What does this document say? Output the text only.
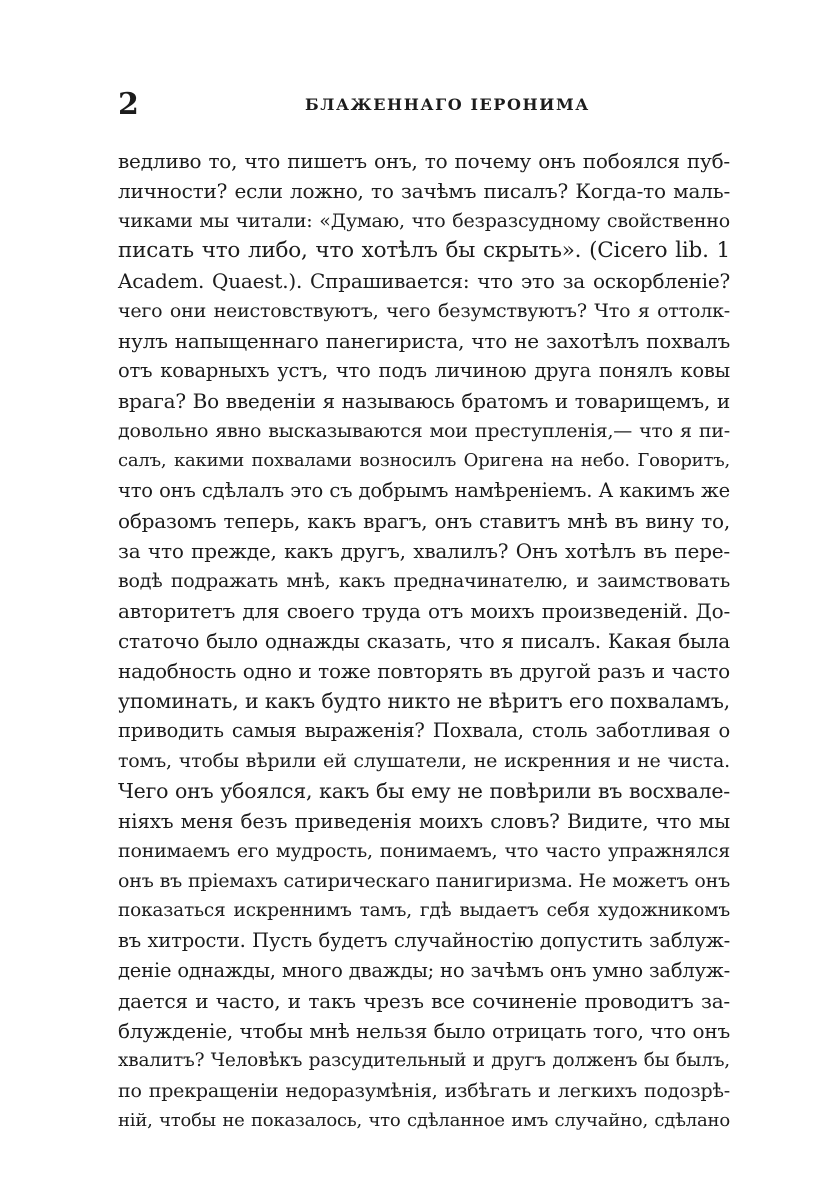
2	БЛАЖЕННАГО ІЕРОНИМА
ведливо то, что пишетъ онъ, то почему онъ побоялся пуб-
личности? если ложно, то зачѣмъ писалъ? Когда-то маль-
чиками мы читали: «Думаю, что безразсудному свойственно
писать что либо, что хотѣлъ бы скрыть». (Cicero lib. 1
Academ. Quaest.). Спрашивается: что это за оскорбленіе?
чего они неистовствуютъ, чего безумствуютъ? Что я оттолк-
нулъ напыщеннаго панегириста, что не захотѣлъ похвалъ
отъ коварныхъ устъ, что подъ личиною друга понялъ ковы
врага? Во введеніи я называюсь братомъ и товарищемъ, и
довольно явно высказываются мои преступленія,— что я пи-
салъ, какими похвалами возносилъ Оригена на небо. Говоритъ,
что онъ сдѣлалъ это съ добрымъ намѣреніемъ. А какимъ же
образомъ теперь, какъ врагъ, онъ ставитъ мнѣ въ вину то,
за что прежде, какъ другъ, хвалилъ? Онъ хотѣлъ въ пере-
водѣ подражать мнѣ, какъ предначинателю, и заимствовать
авторитетъ для своего труда отъ моихъ произведеній. До-
статочо было однажды сказать, что я писалъ. Какая была
надобность одно и тоже повторять въ другой разъ и часто
упоминать, и какъ будто никто не вѣритъ его похваламъ,
приводить самыя выраженія? Похвала, столь заботливая о
томъ, чтобы вѣрили ей слушатели, не искренния и не чиста.
Чего онъ убоялся, какъ бы ему не повѣрили въ восхвале-
ніяхъ меня безъ приведенія моихъ словъ? Видите, что мы
понимаемъ его мудрость, понимаемъ, что часто упражнялся
онъ въ пріемахъ сатирическаго панигиризма. Не можетъ онъ
показаться искреннимъ тамъ, гдѣ выдаетъ себя художникомъ
въ хитрости. Пусть будетъ случайностію допустить заблуж-
деніе однажды, много дважды; но зачѣмъ онъ умно заблуж-
дается и часто, и такъ чрезъ все сочиненіе проводитъ за-
блужденіе, чтобы мнѣ нельзя было отрицать того, что онъ
хвалитъ? Человѣкъ разсудительный и другъ долженъ бы былъ,
по прекращеніи недоразумѣнія, избѣгать и легкихъ подозрѣ-
ній, чтобы не показалось, что сдѣланное имъ случайно, сдѣлано
